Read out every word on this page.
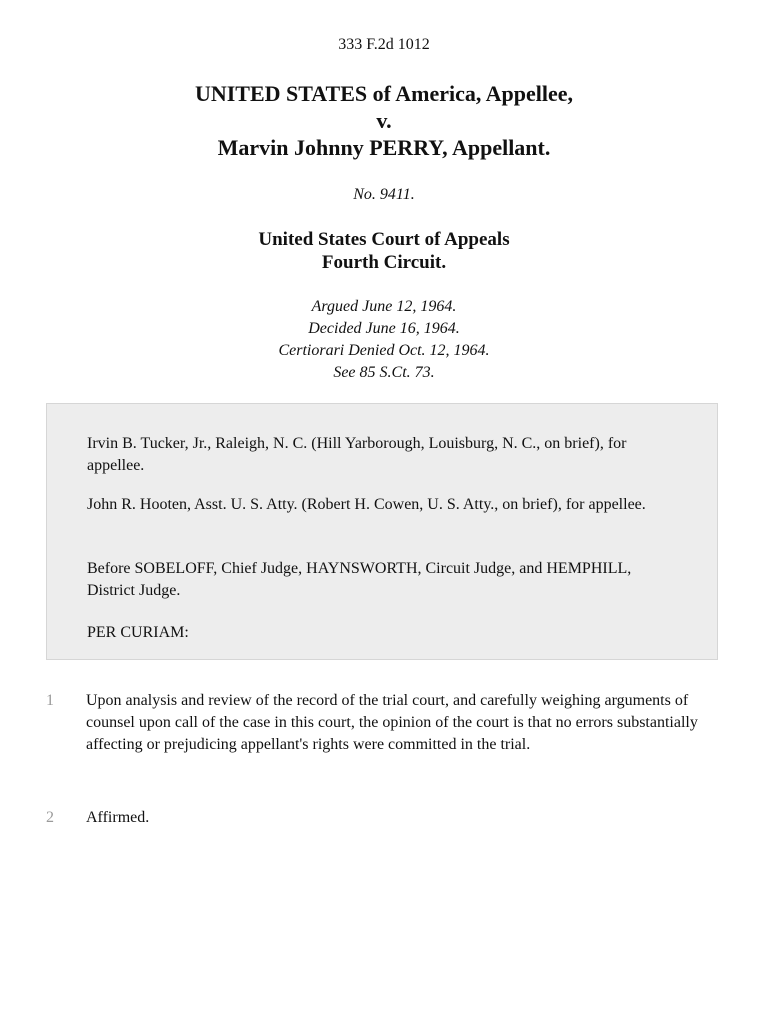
333 F.2d 1012
UNITED STATES of America, Appellee,
v.
Marvin Johnny PERRY, Appellant.
No. 9411.
United States Court of Appeals
Fourth Circuit.
Argued June 12, 1964.
Decided June 16, 1964.
Certiorari Denied Oct. 12, 1964.
See 85 S.Ct. 73.

Irvin B. Tucker, Jr., Raleigh, N. C. (Hill Yarborough, Louisburg, N. C., on brief), for appellee.

John R. Hooten, Asst. U. S. Atty. (Robert H. Cowen, U. S. Atty., on brief), for appellee.

Before SOBELOFF, Chief Judge, HAYNSWORTH, Circuit Judge, and HEMPHILL, District Judge.

PER CURIAM:

1 Upon analysis and review of the record of the trial court, and carefully weighing arguments of counsel upon call of the case in this court, the opinion of the court is that no errors substantially affecting or prejudicing appellant's rights were committed in the trial.
2 Affirmed.
